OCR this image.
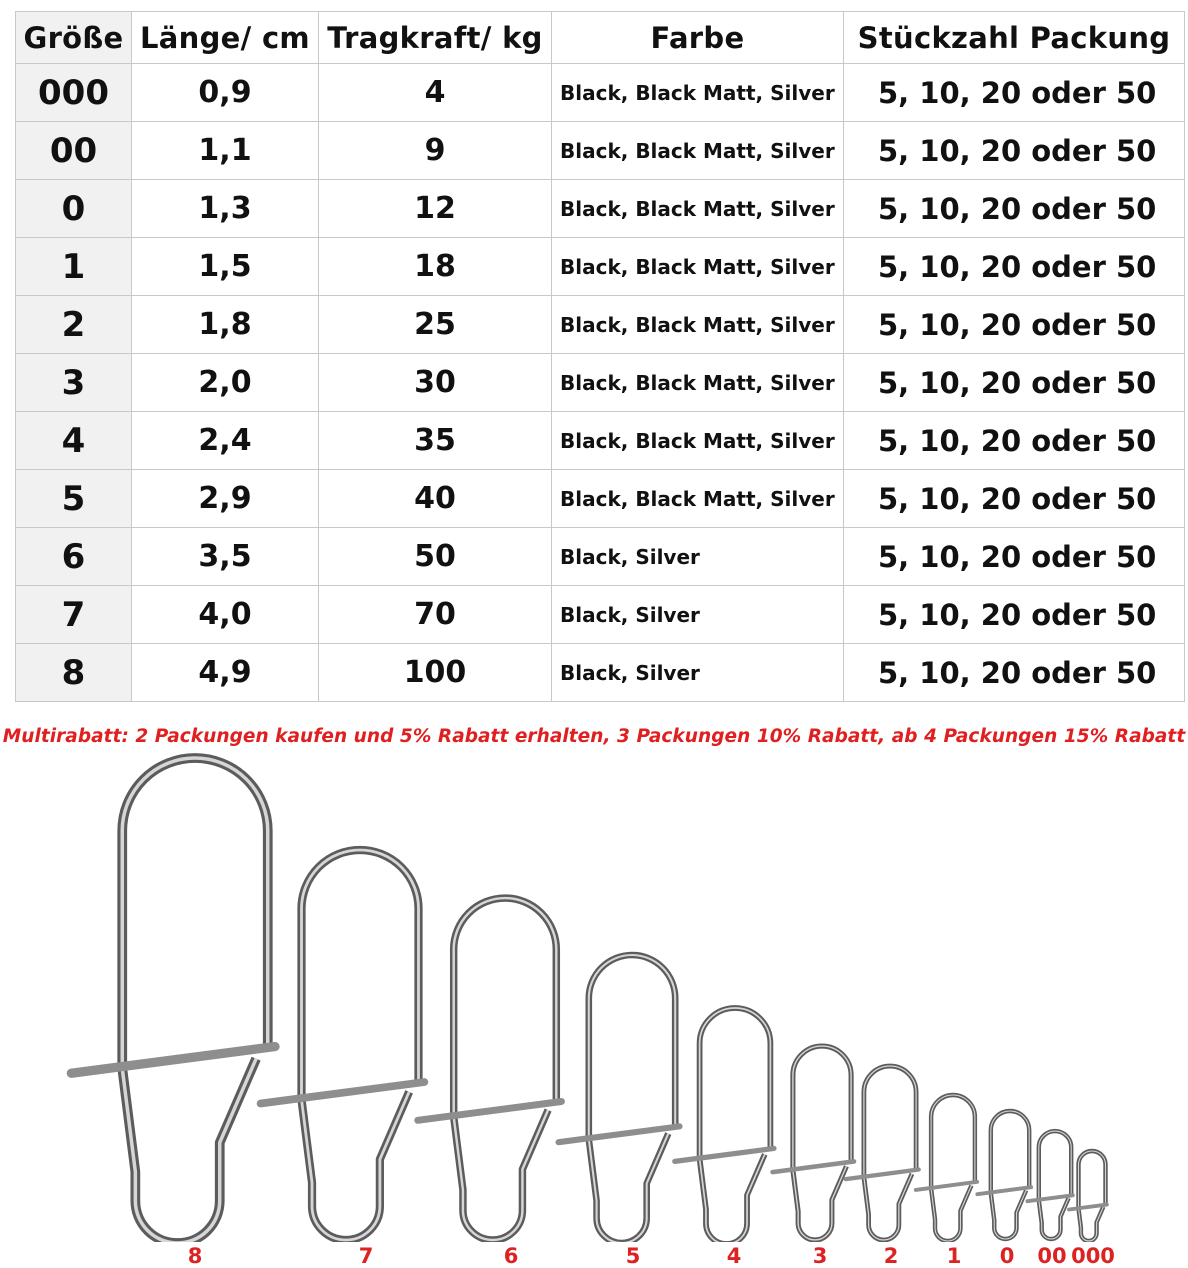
Größe	Länge/ cm	Tragkraft/ kg	Farbe	Stückzahl Packung
000	0,9	4	Black, Black Matt, Silver	5, 10, 20 oder 50
00	1,1	9	Black, Black Matt, Silver	5, 10, 20 oder 50
0	1,3	12	Black, Black Matt, Silver	5, 10, 20 oder 50
1	1,5	18	Black, Black Matt, Silver	5, 10, 20 oder 50
2	1,8	25	Black, Black Matt, Silver	5, 10, 20 oder 50
3	2,0	30	Black, Black Matt, Silver	5, 10, 20 oder 50
4	2,4	35	Black, Black Matt, Silver	5, 10, 20 oder 50
5	2,9	40	Black, Black Matt, Silver	5, 10, 20 oder 50
6	3,5	50	Black, Silver	5, 10, 20 oder 50
7	4,0	70	Black, Silver	5, 10, 20 oder 50
8	4,9	100	Black, Silver	5, 10, 20 oder 50
Multirabatt: 2 Packungen kaufen und 5% Rabatt erhalten, 3 Packungen 10% Rabatt, ab 4 Packungen 15% Rabatt
8	7	6	5	4	3	2 1 0 00 000
